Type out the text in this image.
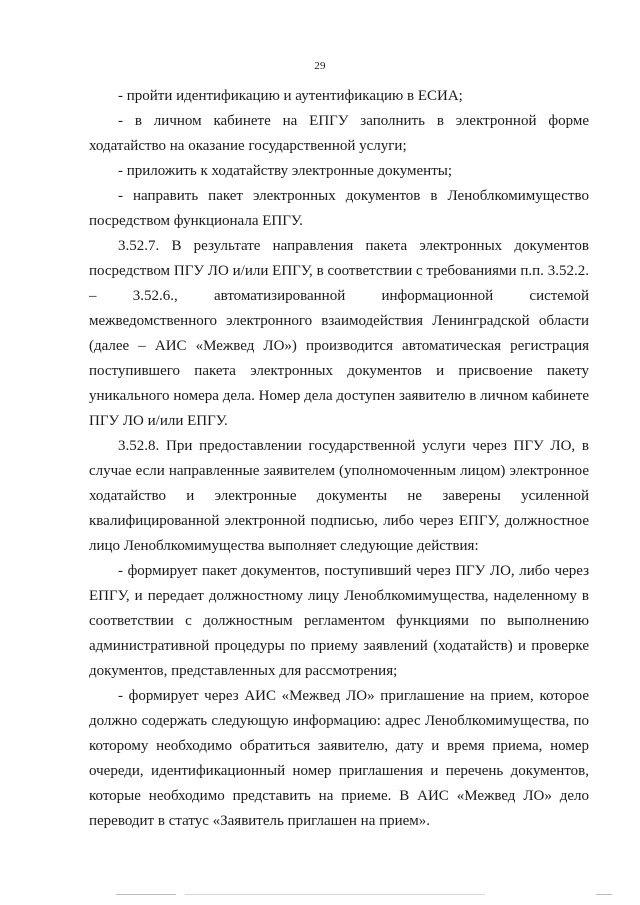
29

- пройти идентификацию и аутентификацию в ЕСИА;

- в личном кабинете на ЕПГУ заполнить в электронной форме ходатайство на оказание государственной услуги;

- приложить к ходатайству электронные документы;

- направить пакет электронных документов в Леноблкомимущество посредством функционала ЕПГУ.

3.52.7. В результате направления пакета электронных документов посредством ПГУ ЛО и/или ЕПГУ, в соответствии с требованиями п.п. 3.52.2. – 3.52.6., автоматизированной информационной системой межведомственного электронного взаимодействия Ленинградской области (далее – АИС «Межвед ЛО») производится автоматическая регистрация поступившего пакета электронных документов и присвоение пакету уникального номера дела. Номер дела доступен заявителю в личном кабинете ПГУ ЛО и/или ЕПГУ.

3.52.8. При предоставлении государственной услуги через ПГУ ЛО, в случае если направленные заявителем (уполномоченным лицом) электронное ходатайство и электронные документы не заверены усиленной квалифицированной электронной подписью, либо через ЕПГУ, должностное лицо Леноблкомимущества выполняет следующие действия:

- формирует пакет документов, поступивший через ПГУ ЛО, либо через ЕПГУ, и передает должностному лицу Леноблкомимущества, наделенному в соответствии с должностным регламентом функциями по выполнению административной процедуры по приему заявлений (ходатайств) и проверке документов, представленных для рассмотрения;

- формирует через АИС «Межвед ЛО» приглашение на прием, которое должно содержать следующую информацию: адрес Леноблкомимущества, по которому необходимо обратиться заявителю, дату и время приема, номер очереди, идентификационный номер приглашения и перечень документов, которые необходимо представить на приеме. В АИС «Межвед ЛО» дело переводит в статус «Заявитель приглашен на прием».
